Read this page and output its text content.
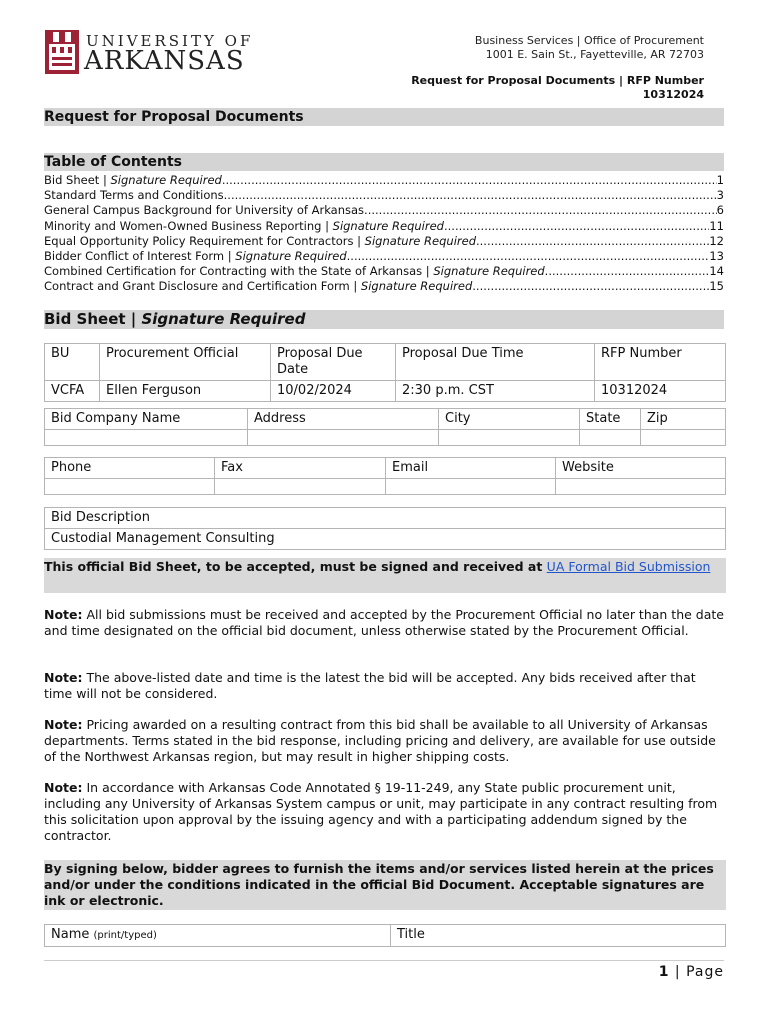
UNIVERSITY OF
ARKANSAS
Business Services | Office of Procurement
1001 E. Sain St., Fayetteville, AR 72703
Request for Proposal Documents | RFP Number
10312024
Request for Proposal Documents
Table of Contents
Bid Sheet | Signature Required .....	1
Standard Terms and Conditions .....	3
General Campus Background for University of Arkansas .....	6
Minority and Women-Owned Business Reporting | Signature Required .....	11
Equal Opportunity Policy Requirement for Contractors | Signature Required .....	12
Bidder Conflict of Interest Form | Signature Required .....	13
Combined Certification for Contracting with the State of Arkansas | Signature Required .....	14
Contract and Grant Disclosure and Certification Form | Signature Required .....	15
Bid Sheet | Signature Required
BU	Procurement Official	Proposal Due Date	Proposal Due Time	RFP Number
VCFA	Ellen Ferguson	10/02/2024	2:30 p.m. CST	10312024
Bid Company Name	Address	City	State	Zip

Phone	Fax	Email	Website

Bid Description
Custodial Management Consulting
This official Bid Sheet, to be accepted, must be signed and received at UA Formal Bid Submission
Note: All bid submissions must be received and accepted by the Procurement Official no later than the date and time designated on the official bid document, unless otherwise stated by the Procurement Official.
Note: The above-listed date and time is the latest the bid will be accepted. Any bids received after that time will not be considered.
Note: Pricing awarded on a resulting contract from this bid shall be available to all University of Arkansas departments. Terms stated in the bid response, including pricing and delivery, are available for use outside of the Northwest Arkansas region, but may result in higher shipping costs.
Note: In accordance with Arkansas Code Annotated § 19-11-249, any State public procurement unit, including any University of Arkansas System campus or unit, may participate in any contract resulting from this solicitation upon approval by the issuing agency and with a participating addendum signed by the contractor.
By signing below, bidder agrees to furnish the items and/or services listed herein at the prices and/or under the conditions indicated in the official Bid Document. Acceptable signatures are ink or electronic.
Name (print/typed)	Title
1 | Page
